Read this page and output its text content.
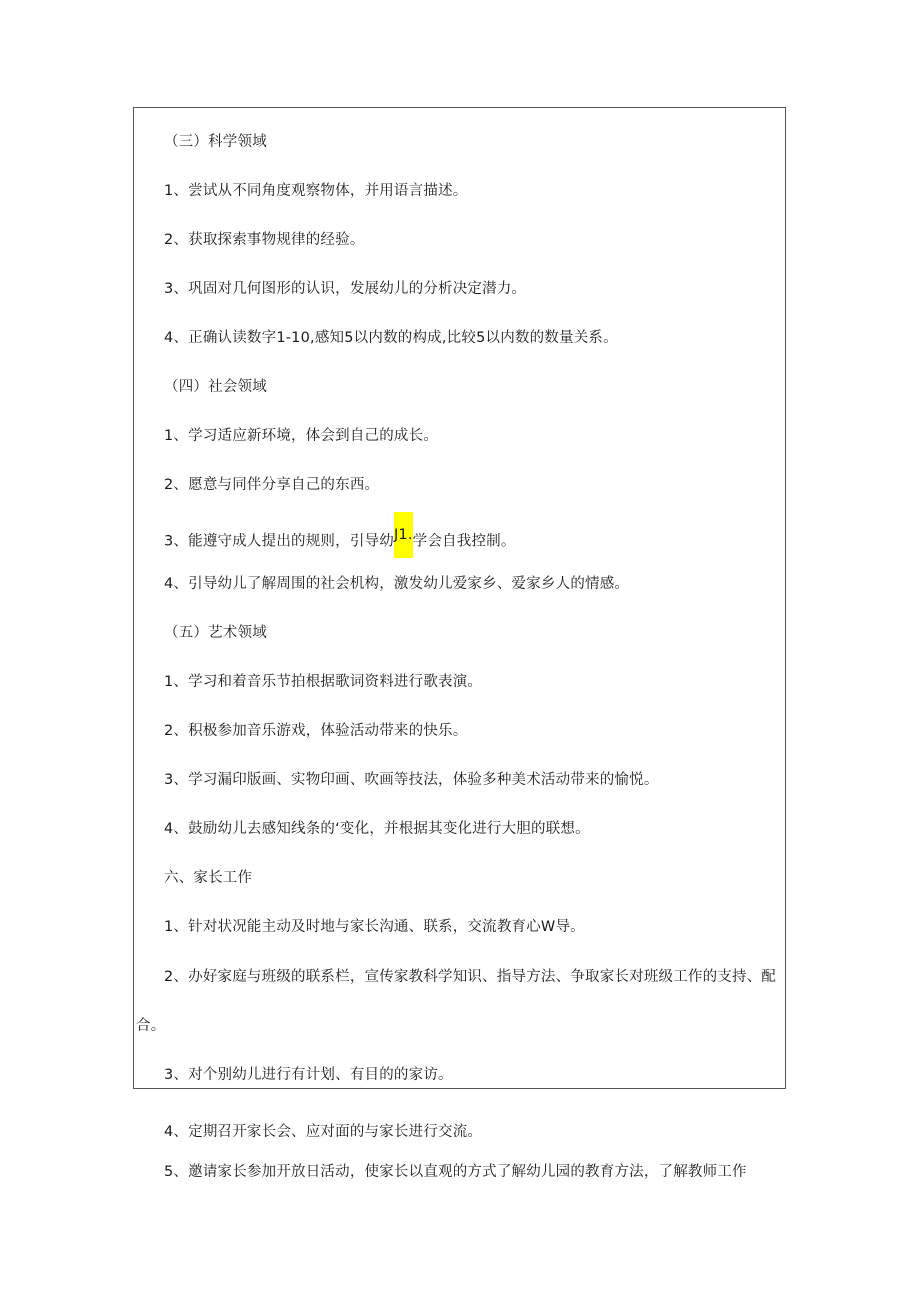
（三）科学领域
1、尝试从不同角度观察物体，并用语言描述。
2、获取探索事物规律的经验。
3、巩固对几何图形的认识，发展幼儿的分析决定潜力。
4、正确认读数字1-10,感知5以内数的构成,比较5以内数的数量关系。
（四）社会领域
1、学习适应新环境，体会到自己的成长。
2、愿意与同伴分享自己的东西。
3、能遵守成人提出的规则，引导幼J1.学会自我控制。
4、引导幼儿了解周围的社会机构，激发幼儿爱家乡、爱家乡人的情感。
（五）艺术领域
1、学习和着音乐节拍根据歌词资料进行歌表演。
2、积极参加音乐游戏，体验活动带来的快乐。
3、学习漏印版画、实物印画、吹画等技法，体验多种美术活动带来的愉悦。
4、鼓励幼儿去感知线条的‘变化，并根据其变化进行大胆的联想。
六、家长工作
1、针对状况能主动及时地与家长沟通、联系，交流教育心W导。
2、办好家庭与班级的联系栏，宣传家教科学知识、指导方法、争取家长对班级工作的支持、配
合。
3、对个别幼儿进行有计划、有目的的家访。
4、定期召开家长会、应对面的与家长进行交流。
5、邀请家长参加开放日活动，使家长以直观的方式了解幼儿园的教育方法，了解教师工作
